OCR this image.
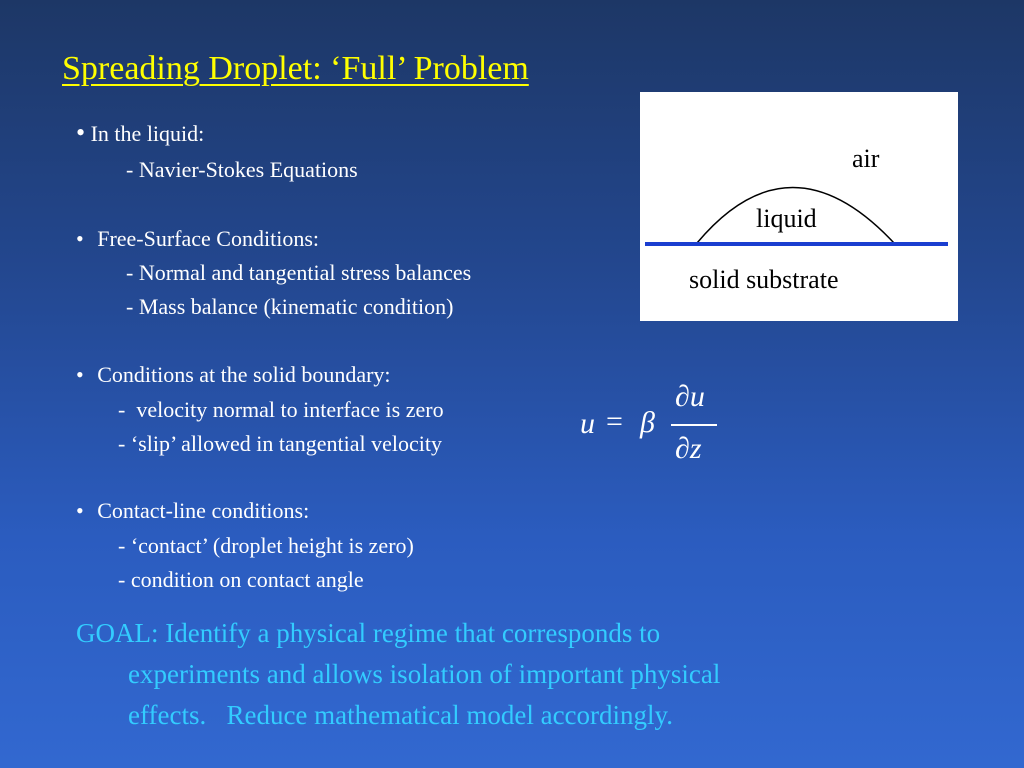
Spreading Droplet: ‘Full’ Problem
• In the liquid:
- Navier-Stokes Equations
• Free-Surface Conditions:
- Normal and tangential stress balances
- Mass balance (kinematic condition)
• Conditions at the solid boundary:
-  velocity normal to interface is zero
- ‘slip’ allowed in tangential velocity
• Contact-line conditions:
- ‘contact’ (droplet height is zero)
- condition on contact angle
air
liquid
solid substrate
u = β
∂u
∂z
GOAL: Identify a physical regime that corresponds to
experiments and allows isolation of important physical
effects.   Reduce mathematical model accordingly.
